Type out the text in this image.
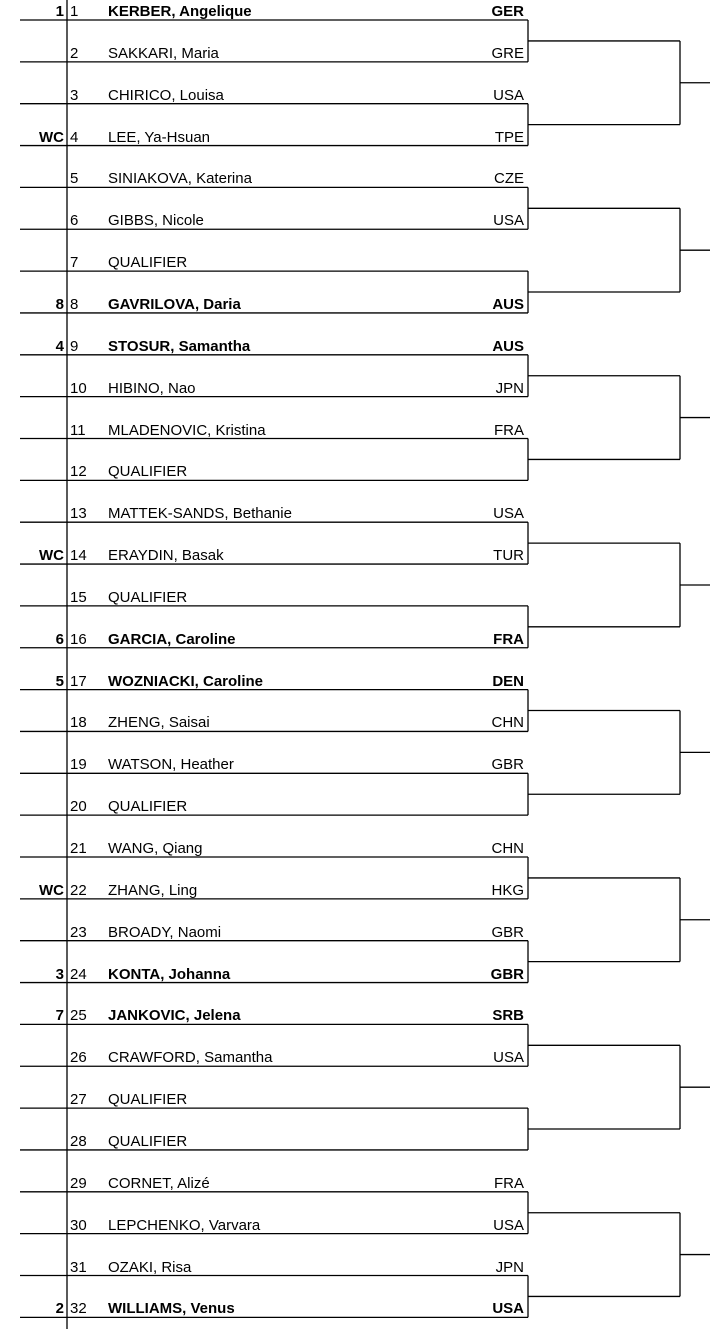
1 1	KERBER, Angelique	GER
2	SAKKARI, Maria	GRE
3	CHIRICO, Louisa	USA
WC 4	LEE, Ya-Hsuan	TPE
5	SINIAKOVA, Katerina	CZE
6	GIBBS, Nicole	USA
7	QUALIFIER
8 8	GAVRILOVA, Daria	AUS
4 9	STOSUR, Samantha	AUS
10	HIBINO, Nao	JPN
11	MLADENOVIC, Kristina	FRA
12	QUALIFIER
13	MATTEK-SANDS, Bethanie	USA
WC 14	ERAYDIN, Basak	TUR
15	QUALIFIER
6 16	GARCIA, Caroline	FRA
5 17	WOZNIACKI, Caroline	DEN
18	ZHENG, Saisai	CHN
19	WATSON, Heather	GBR
20	QUALIFIER
21	WANG, Qiang	CHN
WC 22	ZHANG, Ling	HKG
23	BROADY, Naomi	GBR
3 24	KONTA, Johanna	GBR
7 25	JANKOVIC, Jelena	SRB
26	CRAWFORD, Samantha	USA
27	QUALIFIER
28	QUALIFIER
29	CORNET, Alizé	FRA
30	LEPCHENKO, Varvara	USA
31	OZAKI, Risa	JPN
2 32	WILLIAMS, Venus	USA
